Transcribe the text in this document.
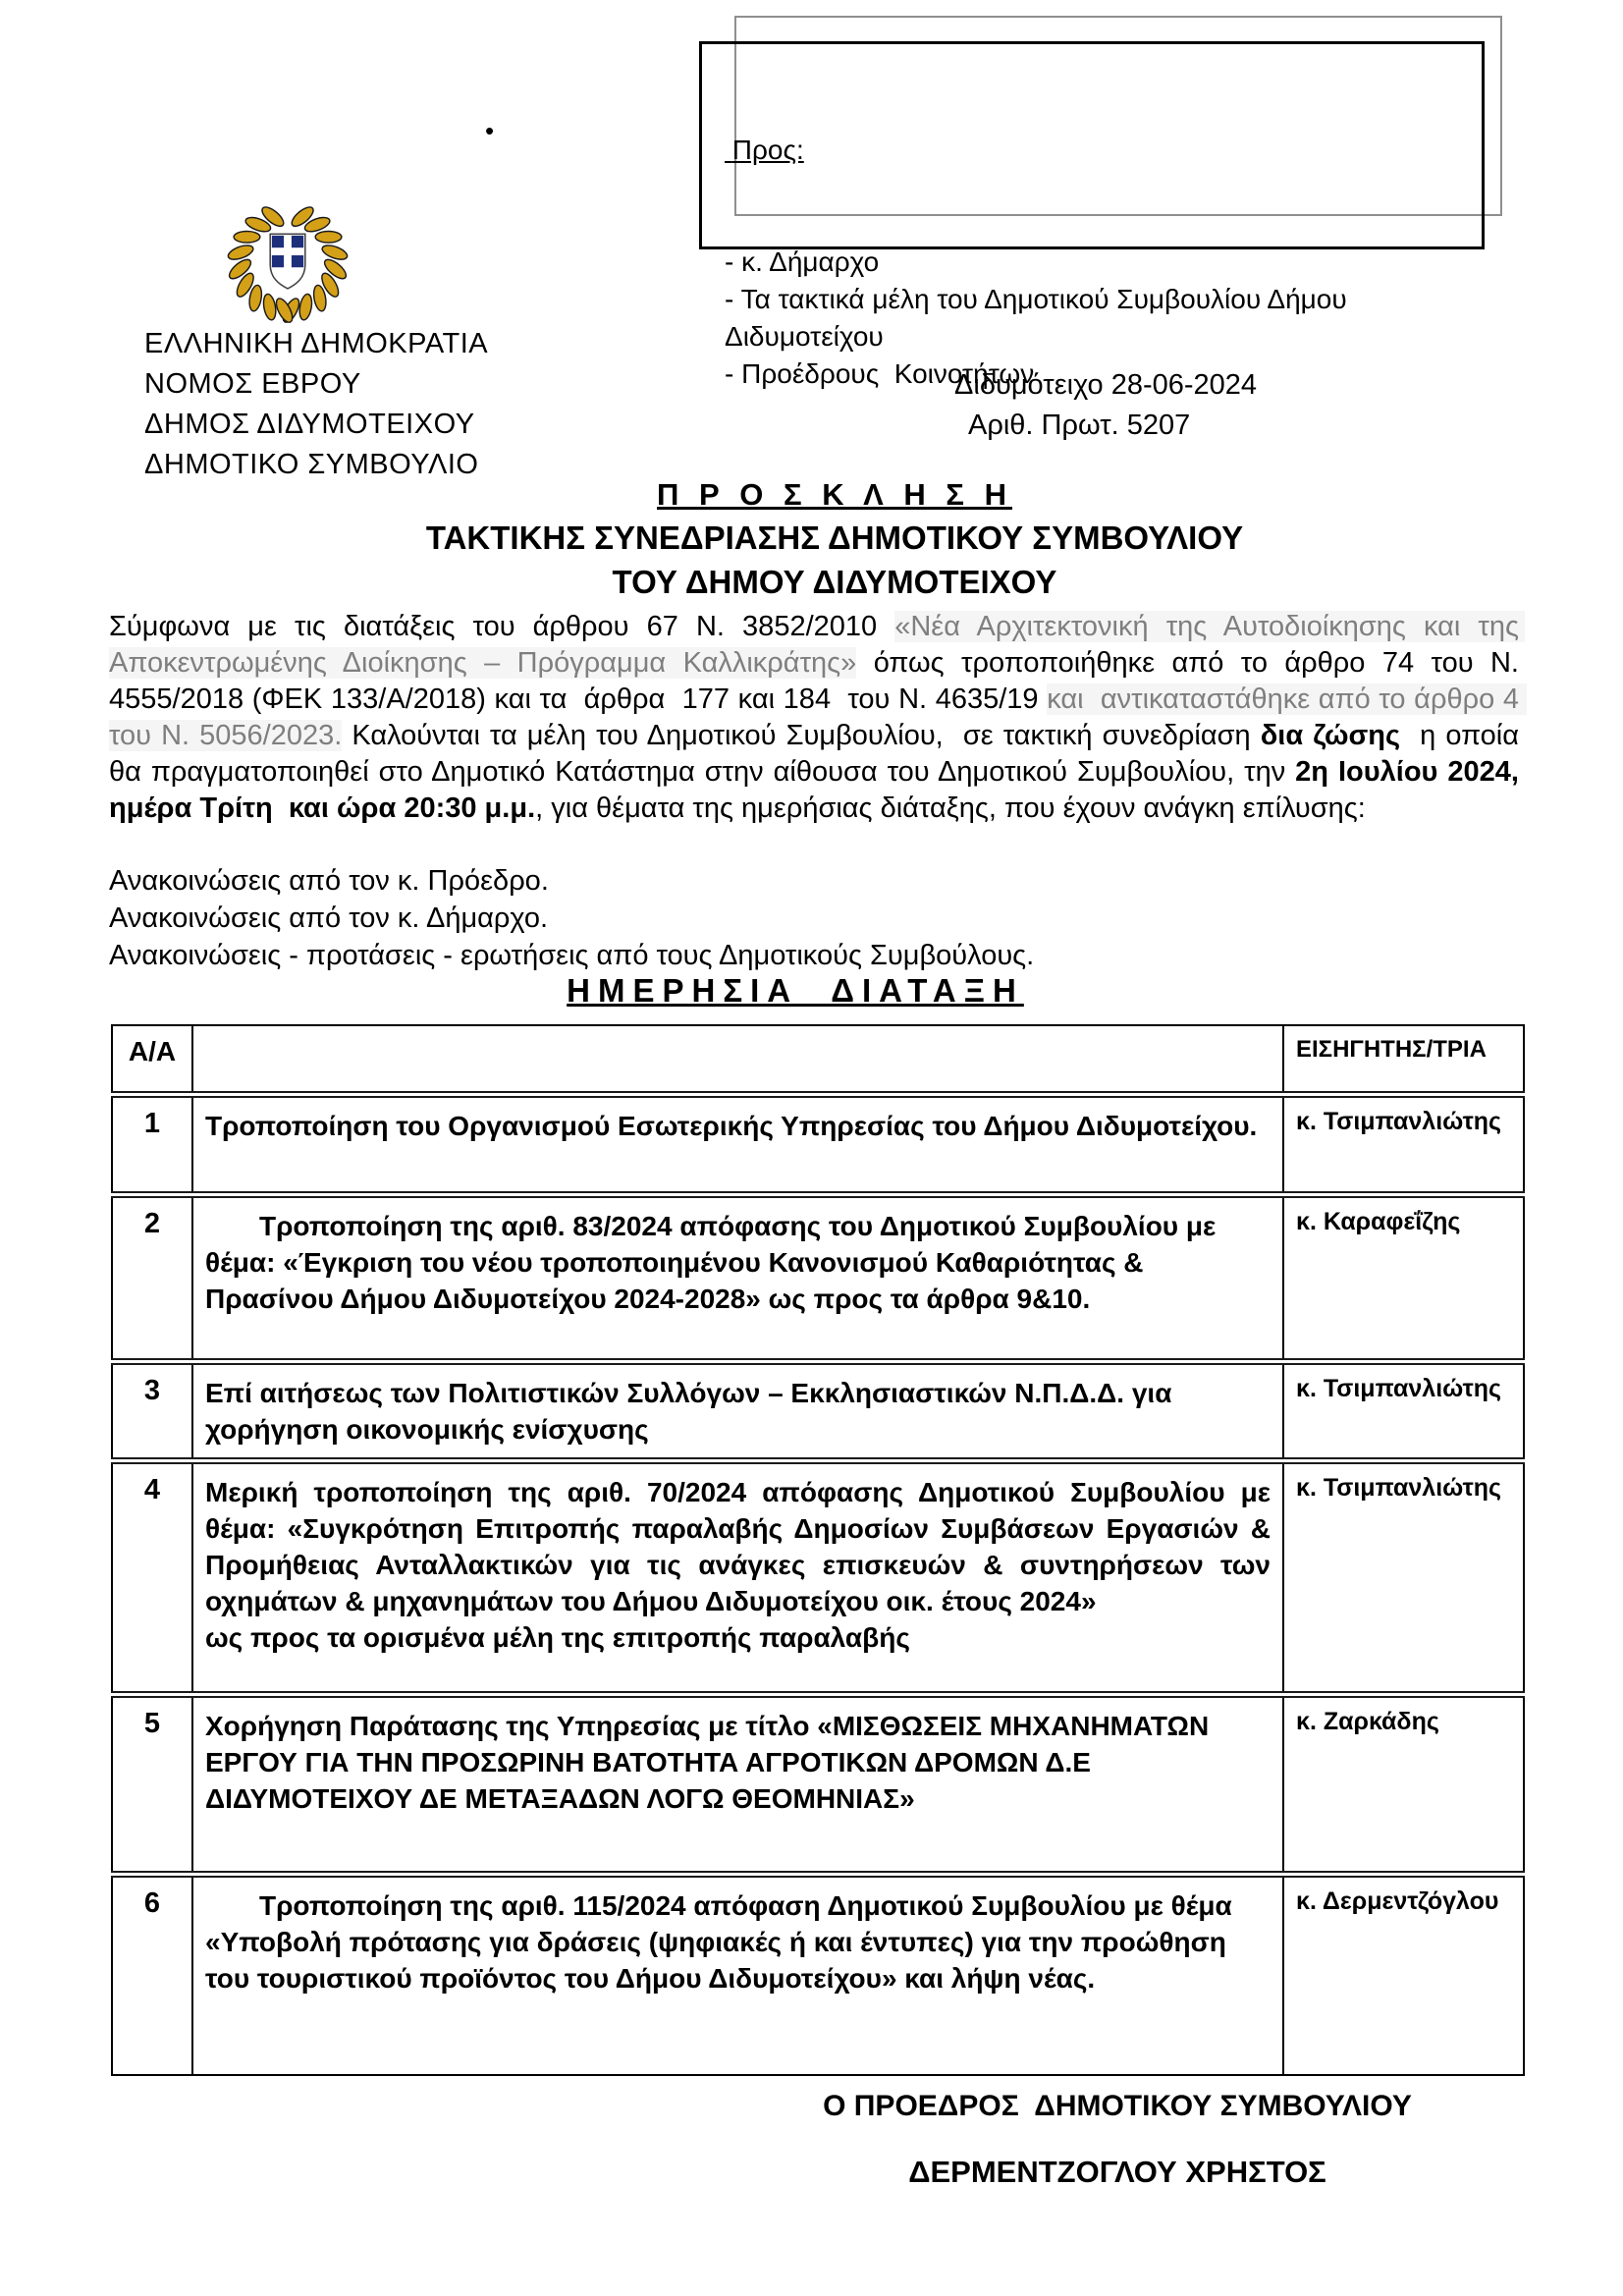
•

Προς:

- κ. Δήμαρχο
- Τα τακτικά μέλη του Δημοτικού Συμβουλίου Δήμου Διδυμοτείχου
- Προέδρους  Κοινοτήτων

ΕΛΛΗΝΙΚΗ ΔΗΜΟΚΡΑΤΙΑ
ΝΟΜΟΣ ΕΒΡΟΥ
ΔΗΜΟΣ ΔΙΔΥΜΟΤΕΙΧΟΥ
ΔΗΜΟΤΙΚΟ ΣΥΜΒΟΥΛΙΟ
Διδυμότειχο 28-06-2024
Αριθ. Πρωτ. 5207
Π Ρ Ο Σ Κ Λ Η Σ Η
ΤΑΚΤΙΚΗΣ ΣΥΝΕΔΡΙΑΣΗΣ ΔΗΜΟΤΙΚΟΥ ΣΥΜΒΟΥΛΙΟΥ
ΤΟΥ ΔΗΜΟΥ ΔΙΔΥΜΟΤΕΙΧΟΥ
Σύμφωνα με τις διατάξεις του άρθρου 67 Ν. 3852/2010 «Νέα Αρχιτεκτονική της Αυτοδιοίκησης και της Αποκεντρωμένης Διοίκησης – Πρόγραμμα Καλλικράτης» όπως τροποποιήθηκε από το άρθρο 74 του Ν. 4555/2018 (ΦΕΚ 133/Α/2018) και τα  άρθρα  177 και 184  του Ν. 4635/19 και  αντικαταστάθηκε από το άρθρο 4 του Ν. 5056/2023. Καλούνται τα μέλη του Δημοτικού Συμβουλίου,  σε τακτική συνεδρίαση δια ζώσης  η οποία θα πραγματοποιηθεί στο Δημοτικό Κατάστημα στην αίθουσα του Δημοτικού Συμβουλίου, την 2η Ιουλίου 2024, ημέρα Τρίτη  και ώρα 20:30 μ.μ., για θέματα της ημερήσιας διάταξης, που έχουν ανάγκη επίλυσης:
Ανακοινώσεις από τον κ. Πρόεδρο.
Ανακοινώσεις από τον κ. Δήμαρχο.
Ανακοινώσεις - προτάσεις - ερωτήσεις από τους Δημοτικούς Συμβούλους.
ΗΜΕΡΗΣΙΑ  ΔΙΑΤΑΞΗ
Α/Α		ΕΙΣΗΓΗΤΗΣ/ΤΡΙΑ
1	Τροποποίηση του Οργανισμού Εσωτερικής Υπηρεσίας του Δήμου Διδυμοτείχου.	κ. Τσιμπανλιώτης
2	Τροποποίηση της αριθ. 83/2024 απόφασης του Δημοτικού Συμβουλίου με θέμα: «Έγκριση του νέου τροποποιημένου Κανονισμού Καθαριότητας & Πρασίνου Δήμου Διδυμοτείχου 2024-2028» ως προς τα άρθρα 9&10.	κ. Καραφεΐζης
3	Επί αιτήσεως των Πολιτιστικών Συλλόγων – Εκκλησιαστικών Ν.Π.Δ.Δ. για χορήγηση οικονομικής ενίσχυσης	κ. Τσιμπανλιώτης
4	Μερική τροποποίηση της αριθ. 70/2024 απόφασης Δημοτικού Συμβουλίου με θέμα: «Συγκρότηση Επιτροπής παραλαβής Δημοσίων Συμβάσεων Εργασιών & Προμήθειας Ανταλλακτικών για τις ανάγκες επισκευών & συντηρήσεων των οχημάτων & μηχανημάτων του Δήμου Διδυμοτείχου οικ. έτους 2024»
ως προς τα ορισμένα μέλη της επιτροπής παραλαβής	κ. Τσιμπανλιώτης
5	Χορήγηση Παράτασης της Υπηρεσίας με τίτλο «ΜΙΣΘΩΣΕΙΣ ΜΗΧΑΝΗΜΑΤΩΝ ΕΡΓΟΥ ΓΙΑ ΤΗΝ ΠΡΟΣΩΡΙΝΗ ΒΑΤΟΤΗΤΑ ΑΓΡΟΤΙΚΩΝ ΔΡΟΜΩΝ Δ.Ε ΔΙΔΥΜΟΤΕΙΧΟΥ ΔΕ ΜΕΤΑΞΑΔΩΝ ΛΟΓΩ ΘΕΟΜΗΝΙΑΣ»	κ. Ζαρκάδης
6	Τροποποίηση της αριθ. 115/2024 απόφαση Δημοτικού Συμβουλίου με θέμα «Υποβολή πρότασης για δράσεις (ψηφιακές ή και έντυπες) για την προώθηση του τουριστικού προϊόντος του Δήμου Διδυμοτείχου» και λήψη νέας.	κ. Δερμεντζόγλου
Ο ΠΡΟΕΔΡΟΣ  ΔΗΜΟΤΙΚΟΥ ΣΥΜΒΟΥΛΙΟΥ
ΔΕΡΜΕΝΤΖΟΓΛΟΥ ΧΡΗΣΤΟΣ
